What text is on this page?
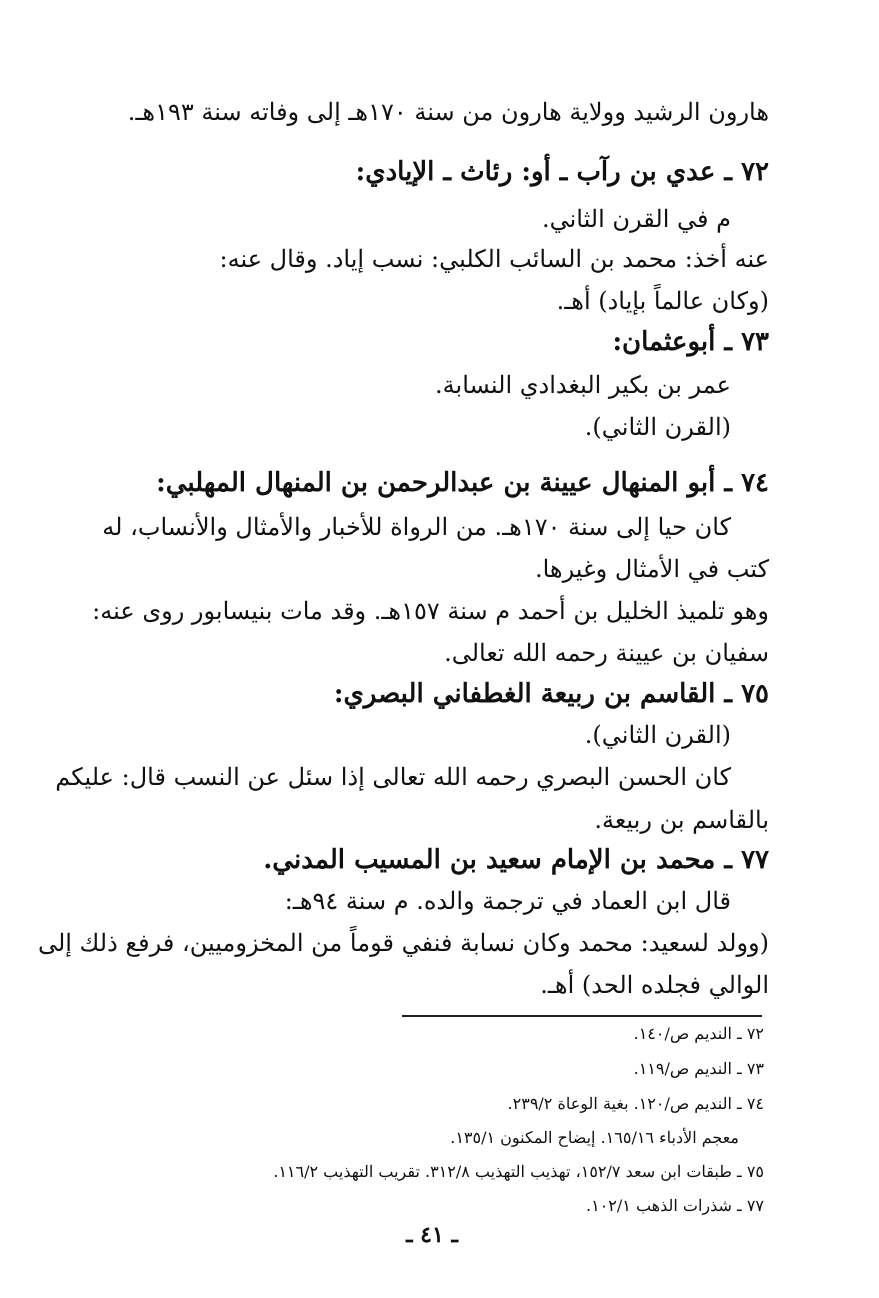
هارون الرشيد وولاية هارون من سنة ١٧٠هـ إلى وفاته سنة ١٩٣هـ.
٧٢ ـ عدي بن رآب ـ أو: رئاث ـ الإيادي:
م في القرن الثاني.
عنه أخذ: محمد بن السائب الكلبي: نسب إياد. وقال عنه:
(وكان عالماً بإياد) أهـ.
٧٣ ـ أبوعثمان:
عمر بن بكير البغدادي النسابة.
(القرن الثاني).
٧٤ ـ أبو المنهال عيينة بن عبدالرحمن بن المنهال المهلبي:
كان حيا إلى سنة ١٧٠هـ. من الرواة للأخبار والأمثال والأنساب، له
كتب في الأمثال وغيرها.
وهو تلميذ الخليل بن أحمد م سنة ١٥٧هـ. وقد مات بنيسابور روى عنه:
سفيان بن عيينة رحمه الله تعالى.
٧٥ ـ القاسم بن ربيعة الغطفاني البصري:
(القرن الثاني).
كان الحسن البصري رحمه الله تعالى إذا سئل عن النسب قال: عليكم
بالقاسم بن ربيعة.
٧٧ ـ محمد بن الإمام سعيد بن المسيب المدني.
قال ابن العماد في ترجمة والده. م سنة ٩٤هـ:
(وولد لسعيد: محمد وكان نسابة فنفي قوماً من المخزوميين، فرفع ذلك إلى
الوالي فجلده الحد) أهـ.
٧٢ ـ النديم ص/١٤٠.
٧٣ ـ النديم ص/١١٩.
٧٤ ـ النديم ص/١٢٠. بغية الوعاة ٢٣٩/٢.
معجم الأدباء ١٦٥/١٦. إيضاح المكنون ١٣٥/١.
٧٥ ـ طبقات ابن سعد ١٥٢/٧، تهذيب التهذيب ٣١٢/٨. تقريب التهذيب ١١٦/٢.
٧٧ ـ شذرات الذهب ١٠٢/١.
ـ ٤١ ـ
